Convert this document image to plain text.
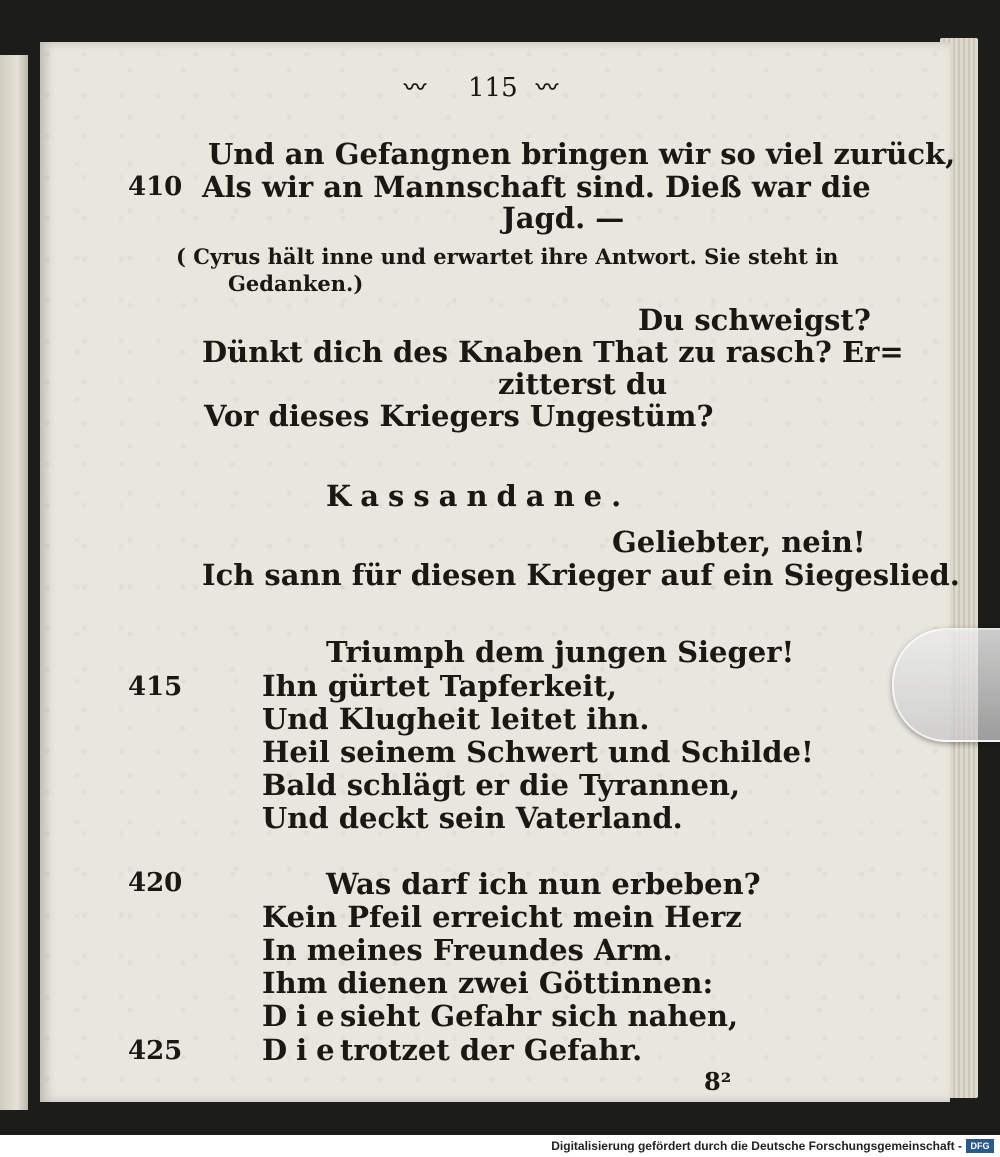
〰 115 〰
Und an Gefangnen bringen wir so viel zurück,
410 Als wir an Mannschaft sind. Dieß war die
Jagd. —
( Cyrus hält inne und erwartet ihre Antwort. Sie steht in
Gedanken.)
Du schweigst?
Dünkt dich des Knaben That zu rasch? Er=
zitterst du
Vor dieses Kriegers Ungestüm?
Kassandane.
Geliebter, nein!
Ich sann für diesen Krieger auf ein Siegeslied.
Triumph dem jungen Sieger!
415	Ihn gürtet Tapferkeit,
Und Klugheit leitet ihn.
Heil seinem Schwert und Schilde!
Bald schlägt er die Tyrannen,
Und deckt sein Vaterland.
420	Was darf ich nun erbeben?
Kein Pfeil erreicht mein Herz
In meines Freundes Arm.
Ihm dienen zwei Göttinnen:
Die
sieht Gefahr sich nahen,
425	Die
trotzet der Gefahr.
8²
Digitalisierung gefördert durch die Deutsche Forschungsgemeinschaft - DFG
